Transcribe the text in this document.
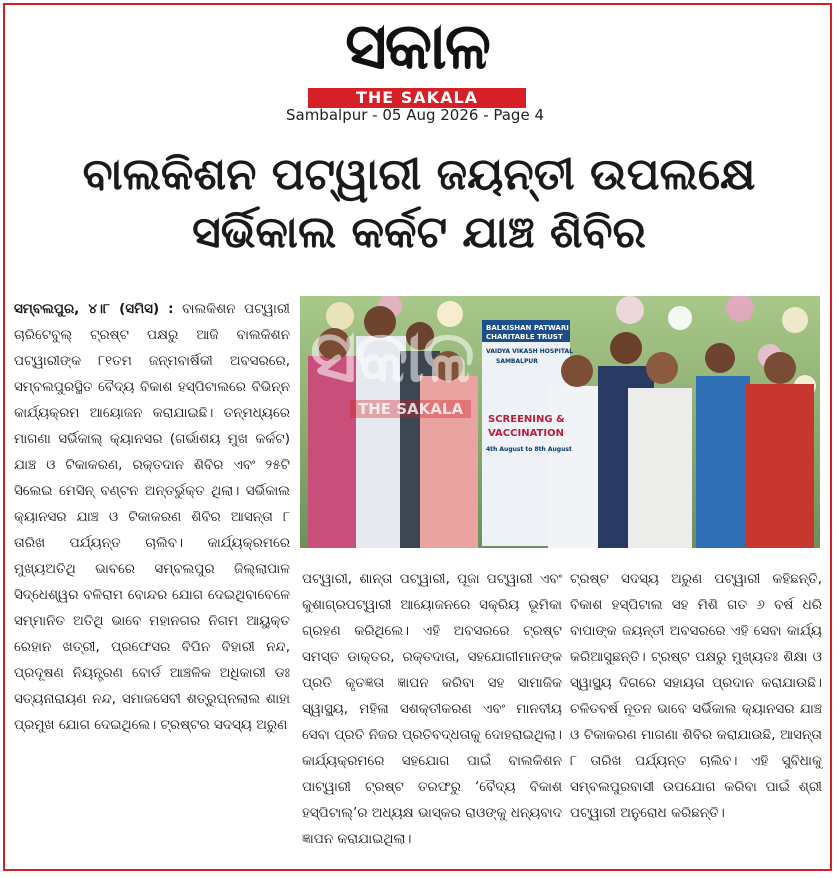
ସକାଳ
THE SAKALA
Sambalpur - 05 Aug 2026 - Page 4
ବାଲକିଶନ ପଟ୍‌ୱାରୀ ଜୟନ୍ତୀ ଉପଲକ୍ଷେ
ସର୍ଭିକାଲ କର୍କଟ ଯାଞ୍ଚ ଶିବିର
ସମ୍ବଲପୁର, ୪।୮ (ସମିସ) : ବାଲକିଶନ ପଟ୍‌ୱାରୀ ଚାରିଟେବୁଲ୍ ଟ୍ରଷ୍ଟ ପକ୍ଷରୁ ଆଜି ବାଲକିଶନ ପଟ୍‌ୱାରୀଙ୍କ ୮୧ତମ ଜନ୍ମବାର୍ଷିକୀ ଅବସରରେ, ସମ୍ବଲପୁରସ୍ଥିତ ବୈଦ୍ୟ ବିକାଶ ହସ୍ପିଟାଲରେ ବିଭିନ୍ନ କାର୍ଯ୍ୟକ୍ରମ ଆୟୋଜନ କରାଯାଇଛି। ତନ୍ମଧ୍ୟରେ ମାଗଣା ସର୍ଭିକାଲ୍ କ୍ୟାନସର (ଗର୍ଭାଶୟ ମୁଖ କର୍କଟ) ଯାଞ୍ଚ ଓ ଟିକାକରଣ, ରକ୍ତଦାନ ଶିବିର ଏବଂ ୨୫ଟି ସିଲେଇ ମେସିନ୍ ବଣ୍ଟନ ଅନ୍ତର୍ଭୁକ୍ତ ଥିଲା। ସର୍ଭିକାଲ କ୍ୟାନସର ଯାଞ୍ଚ ଓ ଟିକାକରଣ ଶିବିର ଆସନ୍ତା ୮ ତାରିଖ ପର୍ଯ୍ୟନ୍ତ ଚାଲିବ। କାର୍ଯ୍ୟକ୍ରମରେ ମୁଖ୍ୟଅତିଥି ଭାବରେ ସମ୍ବଲପୁର ଜିଲ୍ଲାପାଳ ସିଦ୍ଧେଶ୍ୱର ବଳିରାମ ବୋନ୍ଦର ଯୋଗ ଦେଇଥିବାବେଳେ ସମ୍ମାନିତ ଅତିଥି ଭାବେ ମହାନଗର ନିଗମ ଆୟୁକ୍ତ ରେହାନ ଖତ୍ରୀ, ପ୍ରଫେସର ବିପିନ ବିହାରୀ ନନ୍ଦ, ପ୍ରଦୂଷଣ ନିୟନ୍ତ୍ରଣ ବୋର୍ଡ ଆଞ୍ଚଳିକ ଅଧିକାରୀ ଡଃ ସତ୍ୟନାରାୟଣ ନନ୍ଦ, ସମାଜସେବୀ ଶତ୍ରୁଘ୍ନଲାଲ ଶାହା ପ୍ରମୁଖ ଯୋଗ ଦେଇଥିଲେ। ଟ୍ରଷ୍ଟର ସଦସ୍ୟ ଅରୁଣ
BALKISHAN PATWARI
CHARITABLE TRUST
VAIDYA VIKASH HOSPITAL
SAMBALPUR
SCREENING &
VACCINATION
4th August to 8th August
ସକାଳ
THE SAKALA
ପଟ୍‌ୱାରୀ, ଶାନ୍ତା ପଟ୍‌ୱାରୀ, ପୂଜା ପଟ୍‌ୱାରୀ ଏବଂ କୁଶାଗ୍ରପଟ୍‌ୱାରୀ ଆୟୋଜନରେ ସକ୍ରିୟ ଭୂମିକା ଗ୍ରହଣ କରିଥିଲେ। ଏହି ଅବସରରେ ଟ୍ରଷ୍ଟ ସମସ୍ତ ଡାକ୍ତର, ରକ୍ତଦାତା, ସହଯୋଗୀମାନଙ୍କ ପ୍ରତି କୃତଜ୍ଞତା ଜ୍ଞାପନ କରିବା ସହ ସାମାଜିକ ସ୍ୱାସ୍ଥ୍ୟ, ମହିଳା ସଶକ୍ତୀକରଣ ଏବଂ ମାନବୀୟ ସେବା ପ୍ରତି ନିଜର ପ୍ରତିବଦ୍ଧତାକୁ ଦୋହରାଇଥିଲା। କାର୍ଯ୍ୟକ୍ରମରେ ସହଯୋଗ ପାଇଁ ବାଲକିଶନ ପାଟ୍‌ୱାରୀ ଟ୍ରଷ୍ଟ ତରଫରୁ ‘ବୈଦ୍ୟ ବିକାଶ ହସ୍ପିଟାଲ୍’ର ଅଧ୍ୟକ୍ଷ ଭାସ୍କର ରାଓଙ୍କୁ ଧନ୍ୟବାଦ ଜ୍ଞାପନ କରାଯାଇଥିଲା।
ଟ୍ରଷ୍ଟ ସଦସ୍ୟ ଅରୁଣ ପଟ୍‌ୱାରୀ କହିଛନ୍ତି, ବିକାଶ ହସ୍ପିଟାଲ ସହ ମିଶି ଗତ ୬ ବର୍ଷ ଧରି ବାପାଙ୍କ ଜୟନ୍ତୀ ଅବସରରେ ଏହି ସେବା କାର୍ଯ୍ୟ କରିଆସୁଛନ୍ତି। ଟ୍ରଷ୍ଟ ପକ୍ଷରୁ ମୁଖ୍ୟତଃ ଶିକ୍ଷା ଓ ସ୍ୱାସ୍ଥ୍ୟ ଦିଗରେ ସହାୟତା ପ୍ରଦାନ କରାଯାଉଛି। ଚଳିତବର୍ଷ ନୂତନ ଭାବେ ସର୍ଭିକାଲ କ୍ୟାନସର ଯାଞ୍ଚ ଓ ଟିକାକରଣ ମାଗଣା ଶିବିର କରାଯାଉଛି, ଆସନ୍ତା ୮ ତାରିଖ ପର୍ଯ୍ୟନ୍ତ ଚାଲିବ। ଏହି ସୁବିଧାକୁ ସମ୍ବଲପୁରବାସୀ ଉପଯୋଗ କରିବା ପାଇଁ ଶ୍ରୀ ପଟ୍‌ୱାରୀ ଅନୁରୋଧ କରିଛନ୍ତି।
